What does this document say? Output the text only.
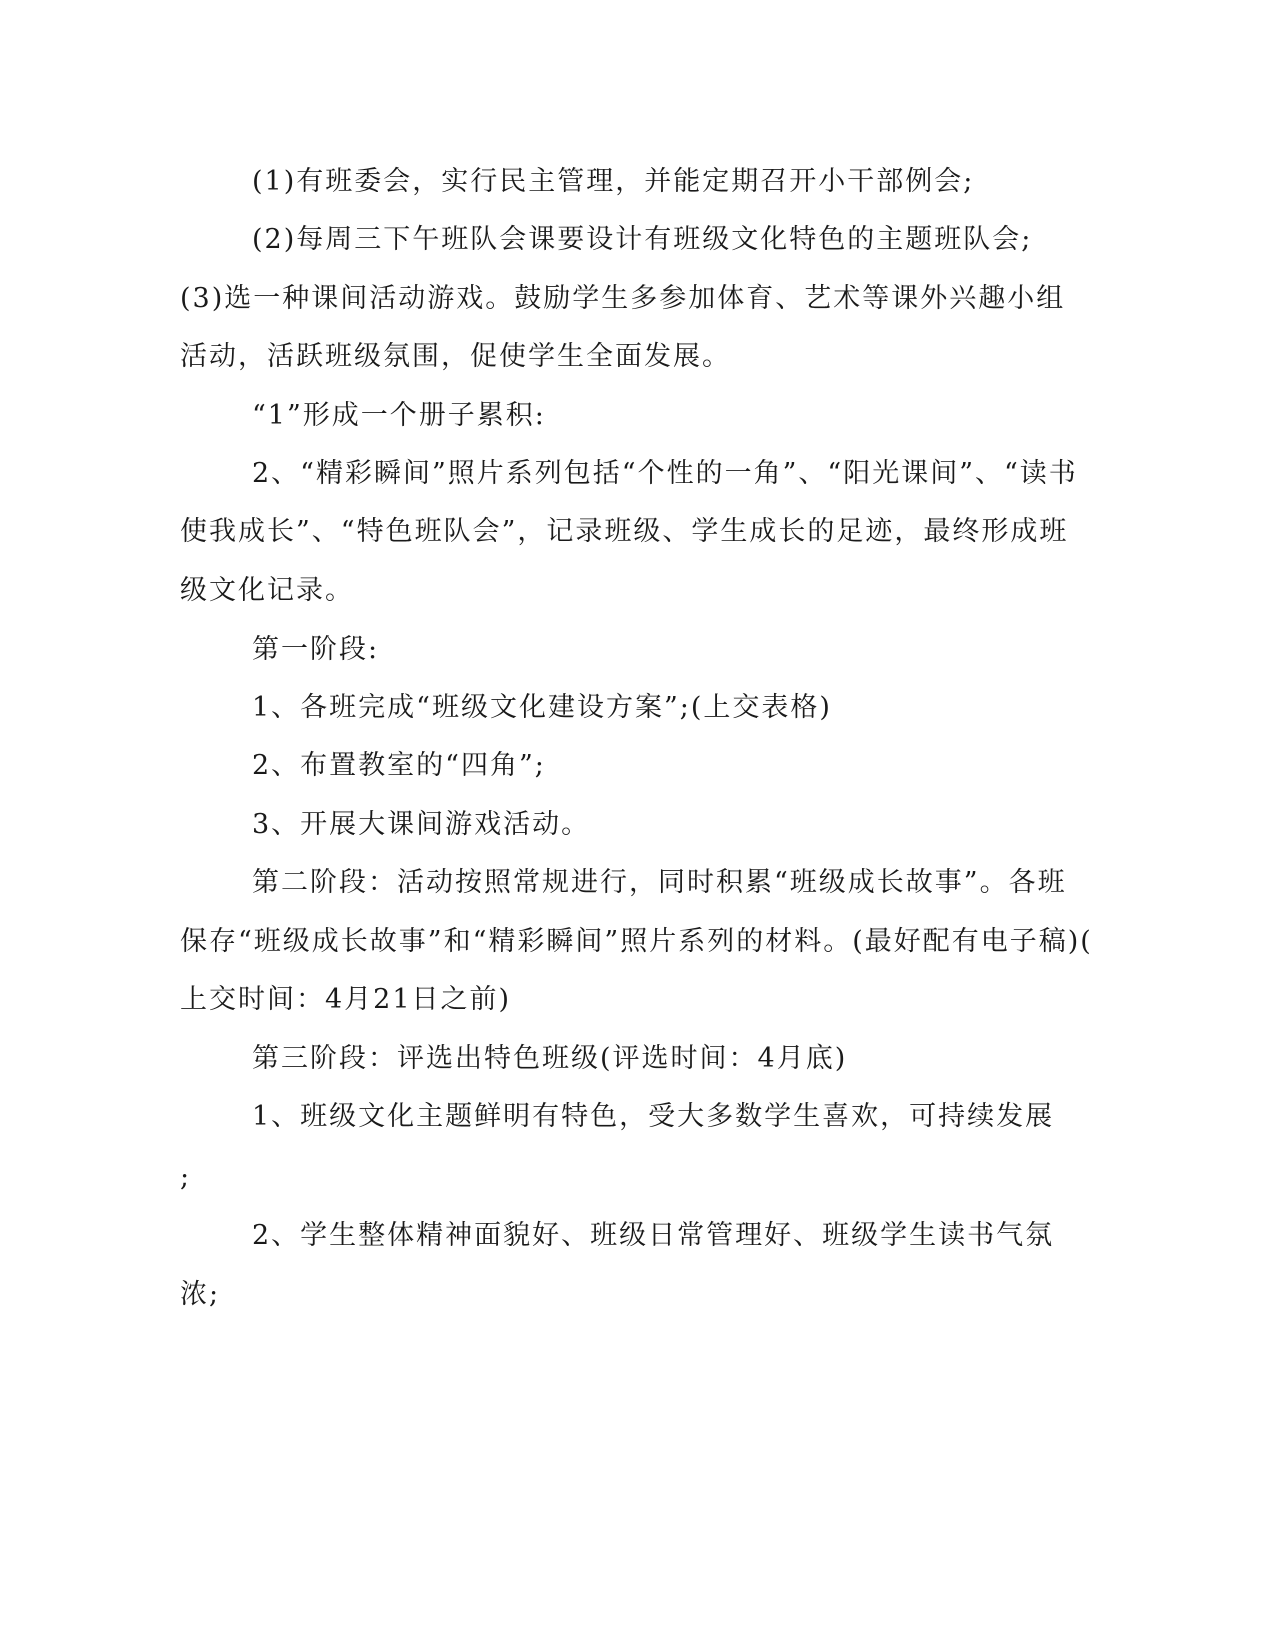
(1)有班委会，实行民主管理，并能定期召开小干部例会;
(2)每周三下午班队会课要设计有班级文化特色的主题班队会;
(3)选一种课间活动游戏。鼓励学生多参加体育、艺术等课外兴趣小组
活动，活跃班级氛围，促使学生全面发展。
“1”形成一个册子累积:
2、“精彩瞬间”照片系列包括“个性的一角”、“阳光课间”、“读书
使我成长”、“特色班队会”，记录班级、学生成长的足迹，最终形成班
级文化记录。
第一阶段:
1、各班完成“班级文化建设方案”;(上交表格)
2、布置教室的“四角”;
3、开展大课间游戏活动。
第二阶段：活动按照常规进行，同时积累“班级成长故事”。各班
保存“班级成长故事”和“精彩瞬间”照片系列的材料。(最好配有电子稿)(
上交时间：4月21日之前)
第三阶段：评选出特色班级(评选时间：4月底)
1、班级文化主题鲜明有特色，受大多数学生喜欢，可持续发展
;
2、学生整体精神面貌好、班级日常管理好、班级学生读书气氛
浓;
